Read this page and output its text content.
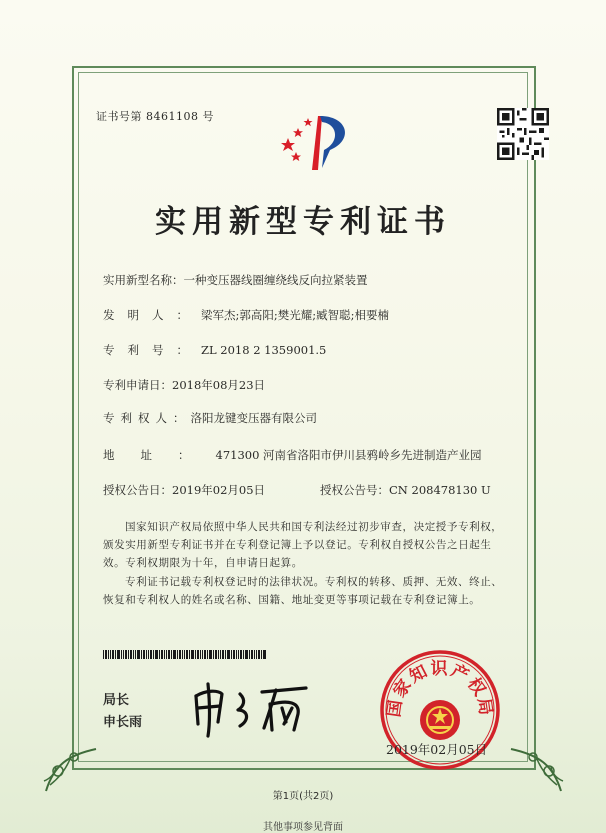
证书号第 8461108 号
实用新型专利证书
实用新型名称：一种变压器线圈缠绕线反向拉紧装置
发明人：梁军杰;郭高阳;樊光耀;臧智聪;相要楠
专利号：ZL 2018 2 1359001.5
专利申请日：2018年08月23日
专利权人：洛阳龙键变压器有限公司
地址：471300 河南省洛阳市伊川县鸦岭乡先进制造产业园
授权公告日：2019年02月05日	授权公告号：CN 208478130 U
国家知识产权局依照中华人民共和国专利法经过初步审查，决定授予专利权，颁发实用新型专利证书并在专利登记簿上予以登记。专利权自授权公告之日起生效。专利权期限为十年，自申请日起算。
专利证书记载专利权登记时的法律状况。专利权的转移、质押、无效、终止、恢复和专利权人的姓名或名称、国籍、地址变更等事项记载在专利登记簿上。
局长
申长雨
国家知识产权局
2019年02月05日
第1页(共2页)
其他事项参见背面
